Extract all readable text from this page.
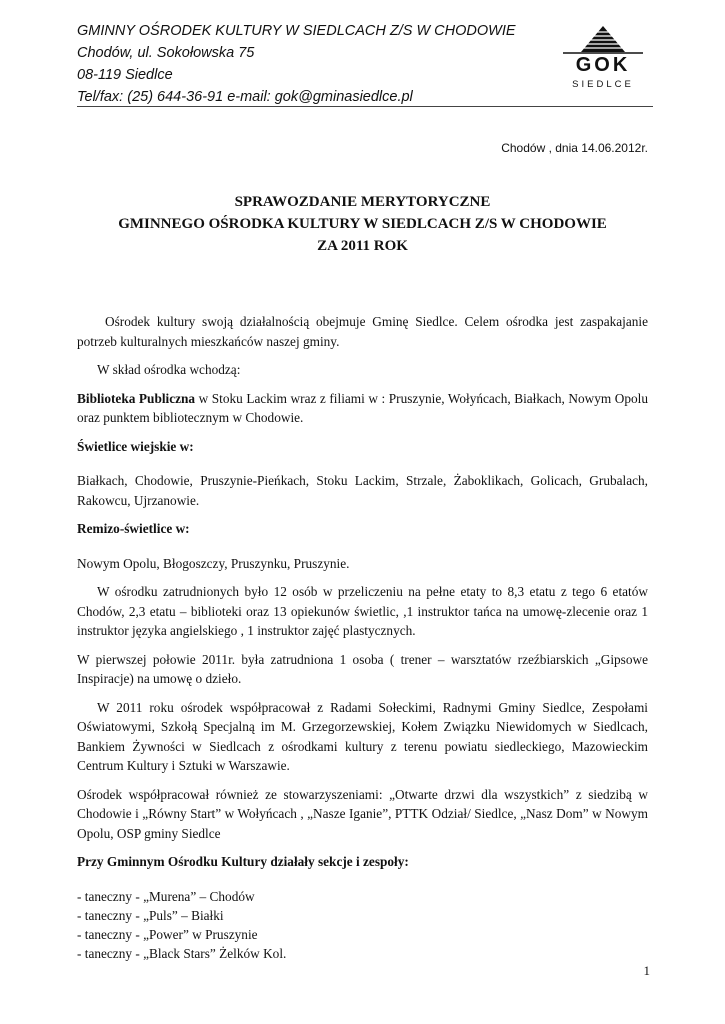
GMINNY OŚRODEK KULTURY W SIEDLCACH Z/S W CHODOWIE
Chodów, ul. Sokołowska 75
08-119 Siedlce
Tel/fax: (25) 644-36-91 e-mail: gok@gminasiedlce.pl
GOK
SIEDLCE
Chodów , dnia 14.06.2012r.
SPRAWOZDANIE MERYTORYCZNE
GMINNEGO OŚRODKA KULTURY W SIEDLCACH Z/S W CHODOWIE
ZA 2011 ROK

Ośrodek kultury swoją działalnością obejmuje Gminę Siedlce. Celem ośrodka jest zaspakajanie potrzeb kulturalnych mieszkańców naszej gminy.

W skład ośrodka wchodzą:

Biblioteka Publiczna w Stoku Lackim wraz z filiami w : Pruszynie, Wołyńcach, Białkach, Nowym Opolu oraz punktem bibliotecznym w Chodowie.

Świetlice wiejskie w:

Białkach, Chodowie, Pruszynie-Pieńkach, Stoku Lackim, Strzale, Żaboklikach, Golicach, Grubalach, Rakowcu, Ujrzanowie.

Remizo-świetlice w:

Nowym Opolu, Błogoszczy, Pruszynku, Pruszynie.

W ośrodku zatrudnionych było 12 osób w przeliczeniu na pełne etaty to 8,3 etatu z tego 6 etatów Chodów, 2,3 etatu – biblioteki oraz 13 opiekunów świetlic, ,1 instruktor tańca na umowę-zlecenie oraz 1 instruktor języka angielskiego , 1 instruktor zajęć plastycznych.

W pierwszej połowie 2011r. była zatrudniona 1 osoba ( trener – warsztatów rzeźbiarskich „Gipsowe Inspiracje) na umowę o dzieło.

W 2011 roku ośrodek współpracował z Radami Sołeckimi, Radnymi Gminy Siedlce, Zespołami Oświatowymi, Szkołą Specjalną im M. Grzegorzewskiej, Kołem Związku Niewidomych w Siedlcach, Bankiem Żywności w Siedlcach z ośrodkami kultury z terenu powiatu siedleckiego, Mazowieckim Centrum Kultury i Sztuki w Warszawie.

Ośrodek współpracował również ze stowarzyszeniami: „Otwarte drzwi dla wszystkich” z siedzibą w Chodowie i „Równy Start” w Wołyńcach , „Nasze Iganie”, PTTK Odział/ Siedlce, „Nasz Dom” w Nowym Opolu, OSP gminy Siedlce

Przy Gminnym Ośrodku Kultury działały sekcje i zespoły:

- taneczny - „Murena” – Chodów
- taneczny - „Puls” – Białki
- taneczny - „Power” w Pruszynie
- taneczny - „Black Stars” Żelków Kol.
1
